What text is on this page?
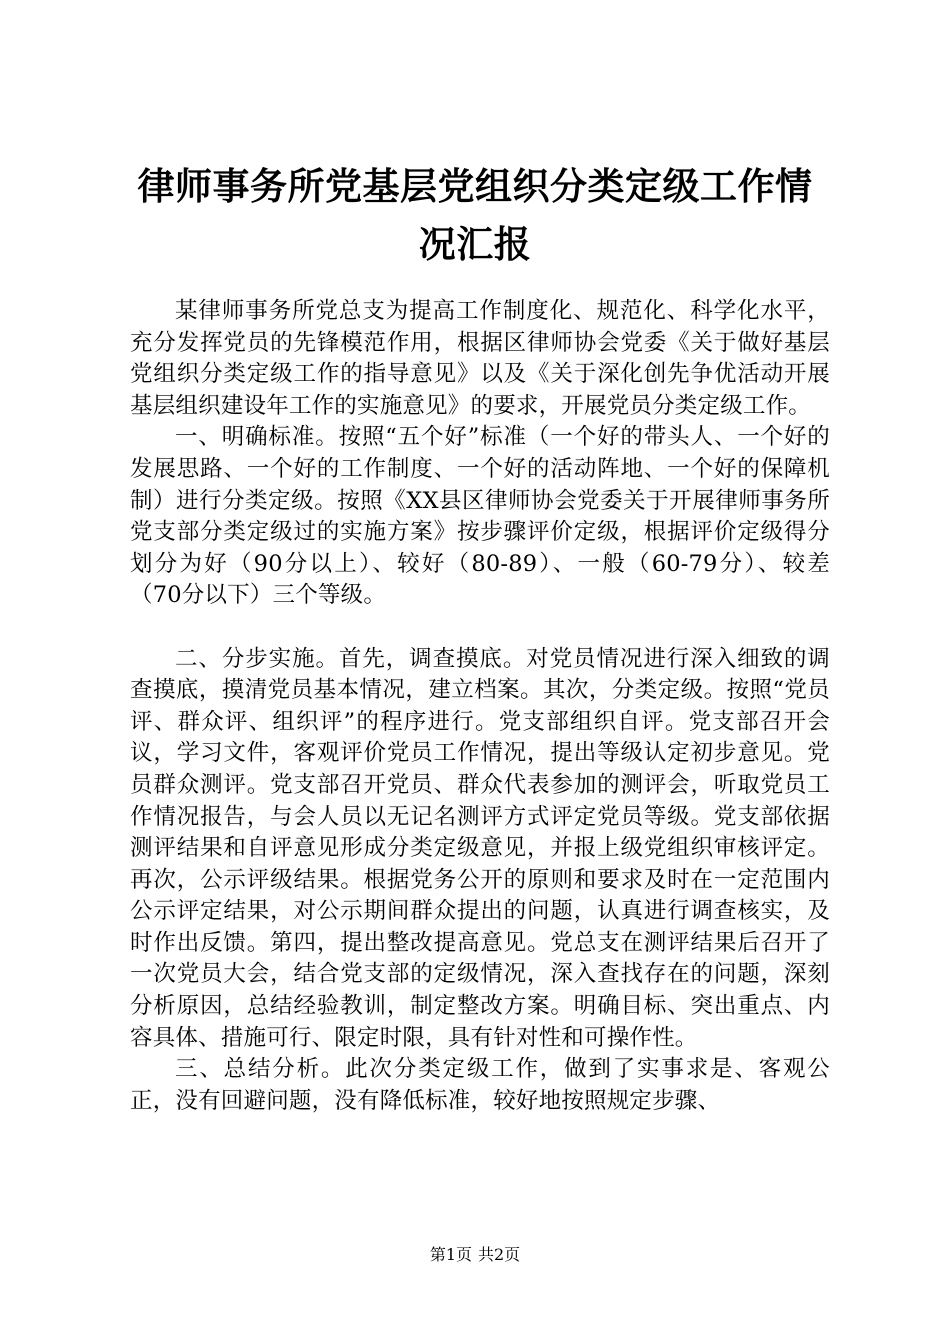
律师事务所党基层党组织分类定级工作情况汇报

某律师事务所党总支为提高工作制度化、规范化、科学化水平，充分发挥党员的先锋模范作用，根据区律师协会党委《关于做好基层党组织分类定级工作的指导意见》以及《关于深化创先争优活动开展基层组织建设年工作的实施意见》的要求，开展党员分类定级工作。

一、明确标准。按照“五个好”标准（一个好的带头人、一个好的发展思路、一个好的工作制度、一个好的活动阵地、一个好的保障机制）进行分类定级。按照《XX县区律师协会党委关于开展律师事务所党支部分类定级过的实施方案》按步骤评价定级，根据评价定级得分划分为好（90分以上）、较好（80-89）、一般（60-79分）、较差（70分以下）三个等级。

二、分步实施。首先，调查摸底。对党员情况进行深入细致的调查摸底，摸清党员基本情况，建立档案。其次，分类定级。按照“党员评、群众评、组织评”的程序进行。党支部组织自评。党支部召开会议，学习文件，客观评价党员工作情况，提出等级认定初步意见。党员群众测评。党支部召开党员、群众代表参加的测评会，听取党员工作情况报告，与会人员以无记名测评方式评定党员等级。党支部依据测评结果和自评意见形成分类定级意见，并报上级党组织审核评定。再次，公示评级结果。根据党务公开的原则和要求及时在一定范围内公示评定结果，对公示期间群众提出的问题，认真进行调查核实，及时作出反馈。第四，提出整改提高意见。党总支在测评结果后召开了一次党员大会，结合党支部的定级情况，深入查找存在的问题，深刻分析原因，总结经验教训，制定整改方案。明确目标、突出重点、内容具体、措施可行、限定时限，具有针对性和可操作性。

三、总结分析。此次分类定级工作，做到了实事求是、客观公正，没有回避问题，没有降低标准，较好地按照规定步骤、

第1页 共2页
